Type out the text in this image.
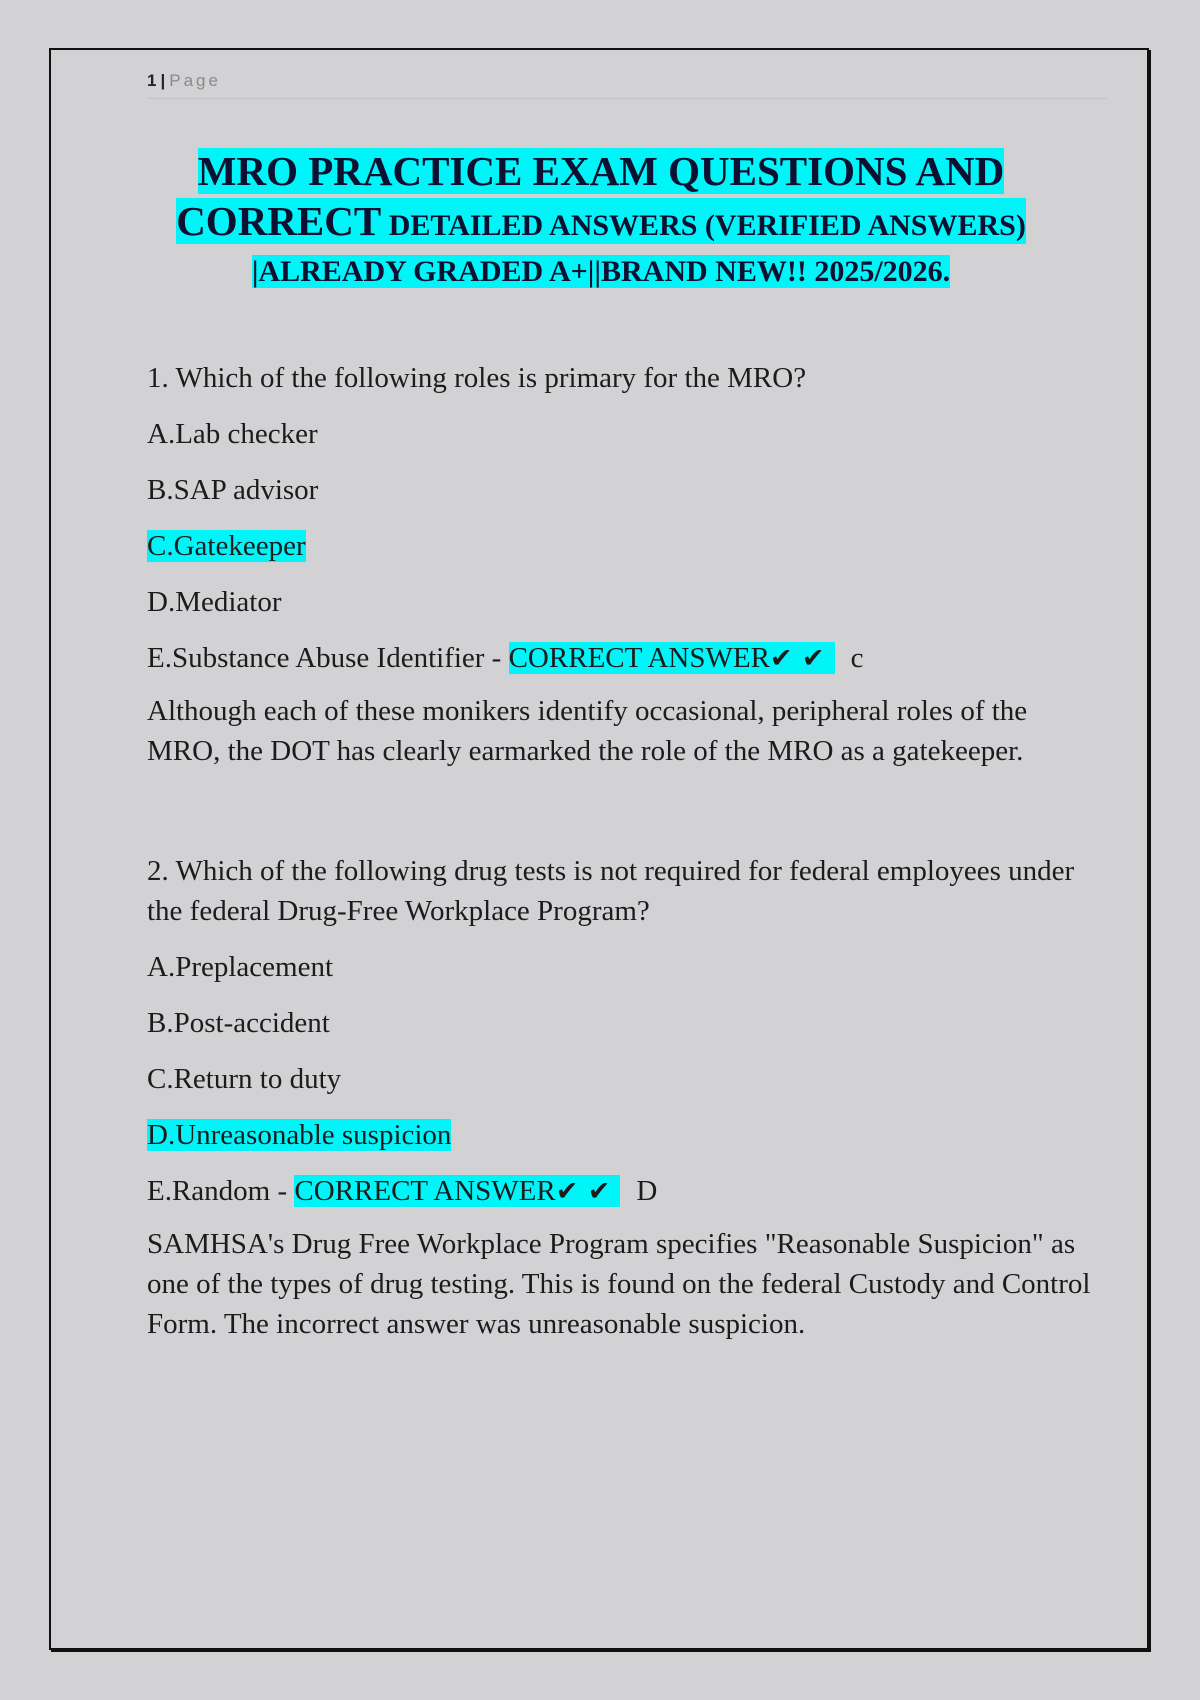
1 | Page
MRO PRACTICE EXAM QUESTIONS AND
CORRECT DETAILED ANSWERS (VERIFIED ANSWERS)
|ALREADY GRADED A+||BRAND NEW!! 2025/2026.

1. Which of the following roles is primary for the MRO?

A.Lab checker

B.SAP advisor

C.Gatekeeper

D.Mediator

E.Substance Abuse Identifier - CORRECT ANSWER✔ ✔ c

Although each of these monikers identify occasional, peripheral roles of the MRO, the DOT has clearly earmarked the role of the MRO as a gatekeeper.

2. Which of the following drug tests is not required for federal employees under the federal Drug-Free Workplace Program?

A.Preplacement

B.Post-accident

C.Return to duty

D.Unreasonable suspicion

E.Random - CORRECT ANSWER✔ ✔ D

SAMHSA's Drug Free Workplace Program specifies "Reasonable Suspicion" as one of the types of drug testing. This is found on the federal Custody and Control Form. The incorrect answer was unreasonable suspicion.
